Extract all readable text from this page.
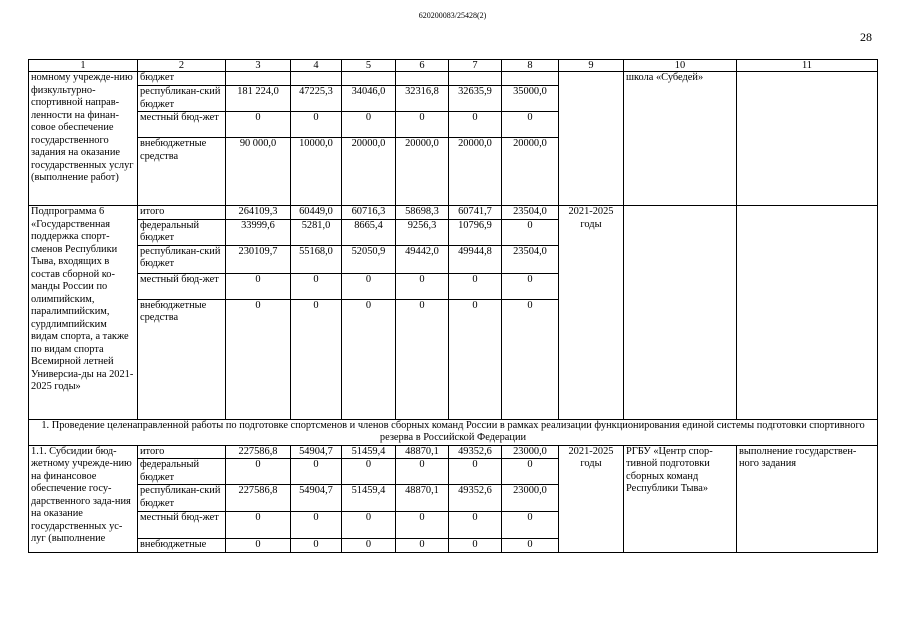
620200083/25428(2)
28
1	2	3	4	5	6	7	8	9	10	11
номному учрежде-нию физкультурно-спортивной направ-ленности на финан-совое обеспечение государственного задания на оказание государственных услуг (выполнение работ)	бюджет								школа «Субедей»	
	республикан-ский бюджет	181 224,0	47225,3	34046,0	32316,8	32635,9	35000,0			
	местный бюд-жет	0	0	0	0	0	0			
	внебюджетные средства	90 000,0	10000,0	20000,0	20000,0	20000,0	20000,0			
Подпрограмма 6 «Государственная поддержка спорт-сменов Республики Тыва, входящих в состав сборной ко-манды России по олимпийским, паралимпийским, сурдлимпийским видам спорта, а также по видам спорта Всемирной летней Универсиа-ды на 2021-2025 годы»	итого	264109,3	60449,0	60716,3	58698,3	60741,7	23504,0	2021-2025 годы		
	федеральный бюджет	33999,6	5281,0	8665,4	9256,3	10796,9	0			
	республикан-ский бюджет	230109,7	55168,0	52050,9	49442,0	49944,8	23504,0			
	местный бюд-жет	0	0	0	0	0	0			
	внебюджетные средства	0	0	0	0	0	0			
1. Проведение целенаправленной работы по подготовке спортсменов и членов сборных команд России в рамках реализации функционирования единой системы подготовки спортивного резерва в Российской Федерации										
1.1. Субсидии бюд-жетному учрежде-нию на финансовое обеспечение госу-дарственного зада-ния на оказание государственных ус-луг (выполнение	итого	227586,8	54904,7	51459,4	48870,1	49352,6	23000,0	2021-2025 годы	РГБУ «Центр спор-тивной подготовки сборных команд Республики Тыва»	выполнение государствен-ного задания
	федеральный бюджет	0	0	0	0	0	0			
	республикан-ский бюджет	227586,8	54904,7	51459,4	48870,1	49352,6	23000,0			
	местный бюд-жет	0	0	0	0	0	0			
	внебюджетные	0	0	0	0	0	0			
